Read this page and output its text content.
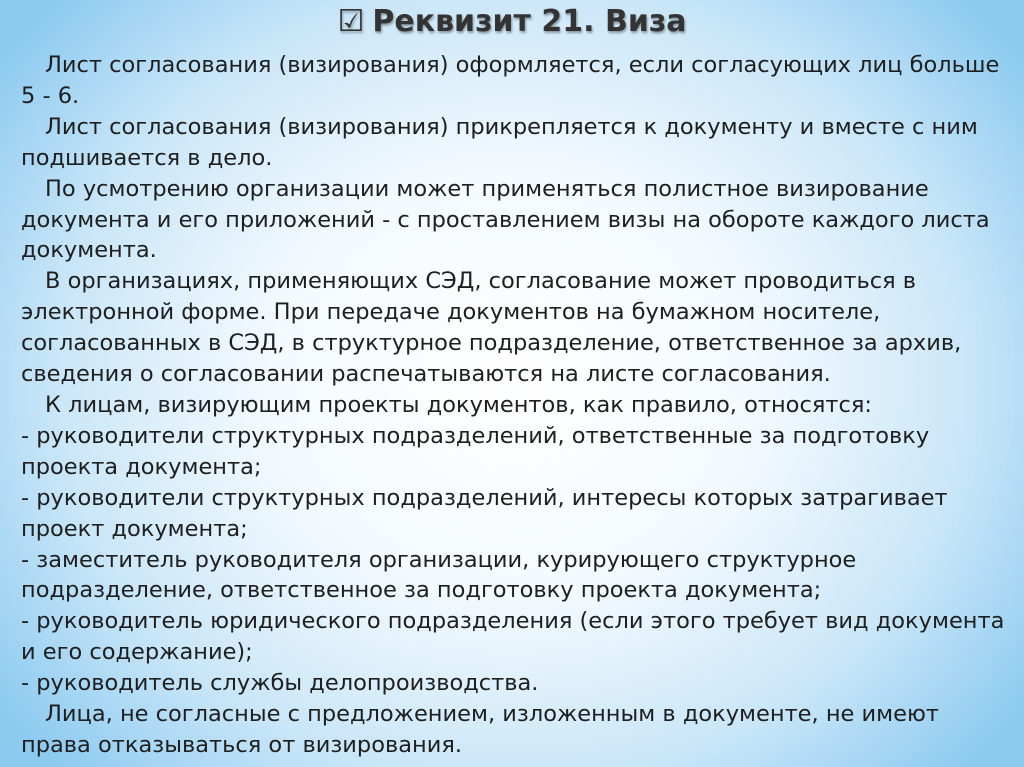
☑ Реквизит 21. Виза

Лист согласования (визирования) оформляется, если согласующих лиц больше 5 - 6.

Лист согласования (визирования) прикрепляется к документу и вместе с ним подшивается в дело.

По усмотрению организации может применяться полистное визирование документа и его приложений - с проставлением визы на обороте каждого листа документа.

В организациях, применяющих СЭД, согласование может проводиться в электронной форме. При передаче документов на бумажном носителе, согласованных в СЭД, в структурное подразделение, ответственное за архив, сведения о согласовании распечатываются на листе согласования.

К лицам, визирующим проекты документов, как правило, относятся:

- руководители структурных подразделений, ответственные за подготовку проекта документа;

- руководители структурных подразделений, интересы которых затрагивает проект документа;

- заместитель руководителя организации, курирующего структурное подразделение, ответственное за подготовку проекта документа;

- руководитель юридического подразделения (если этого требует вид документа и его содержание);

- руководитель службы делопроизводства.

Лица, не согласные с предложением, изложенным в документе, не имеют права отказываться от визирования.
